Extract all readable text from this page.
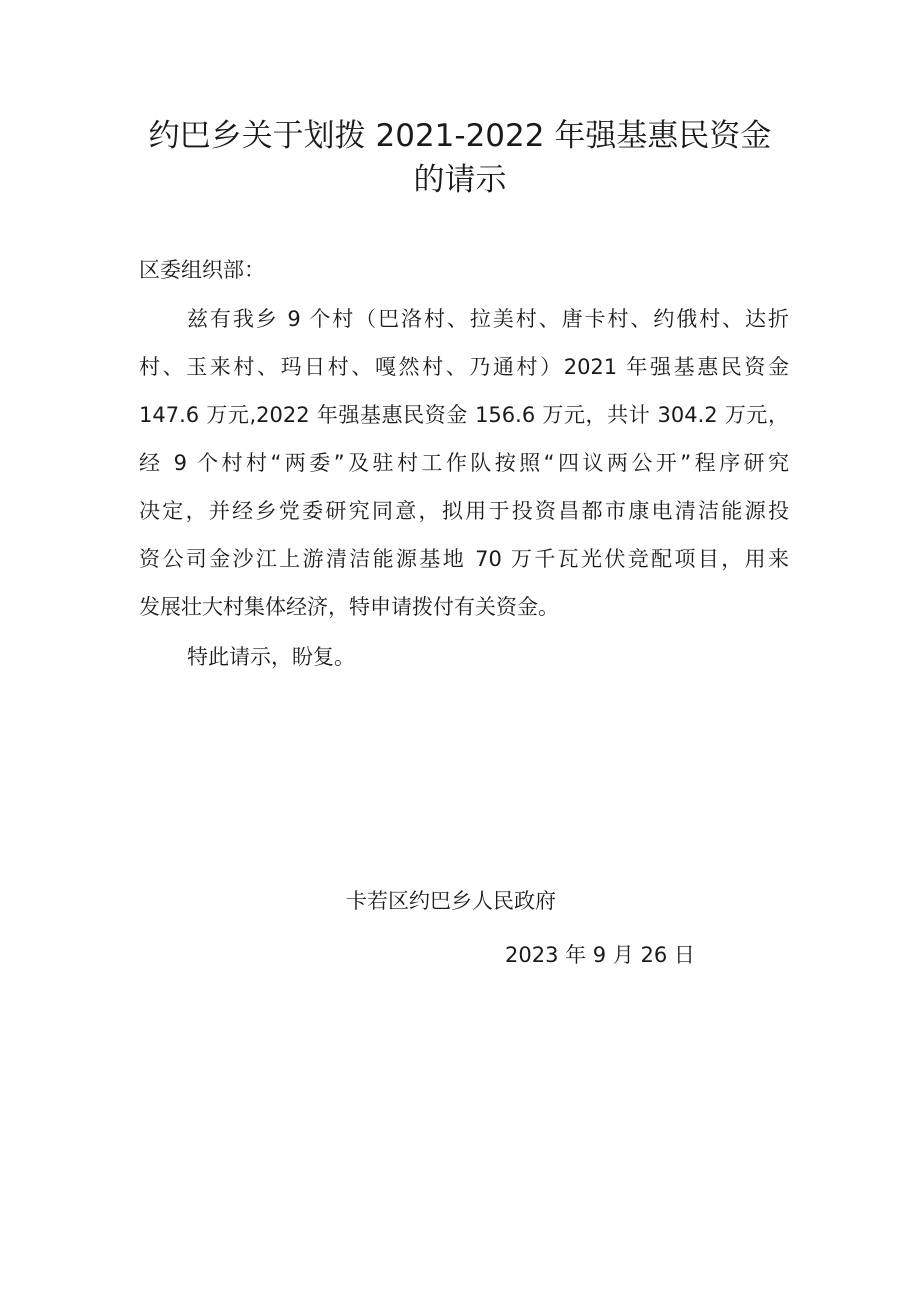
约巴乡关于划拨 2021-2022 年强基惠民资金
的请示
区委组织部：
兹有我乡 9 个村（巴洛村、拉美村、唐卡村、约俄村、达折
村、玉来村、玛日村、嘎然村、乃通村）2021 年强基惠民资金
147.6 万元,2022 年强基惠民资金 156.6 万元，共计 304.2 万元，
经 9 个村村“两委”及驻村工作队按照“四议两公开”程序研究
决定，并经乡党委研究同意，拟用于投资昌都市康电清洁能源投
资公司金沙江上游清洁能源基地 70 万千瓦光伏竞配项目，用来
发展壮大村集体经济，特申请拨付有关资金。
特此请示，盼复。
卡若区约巴乡人民政府
2023 年 9 月 26 日
